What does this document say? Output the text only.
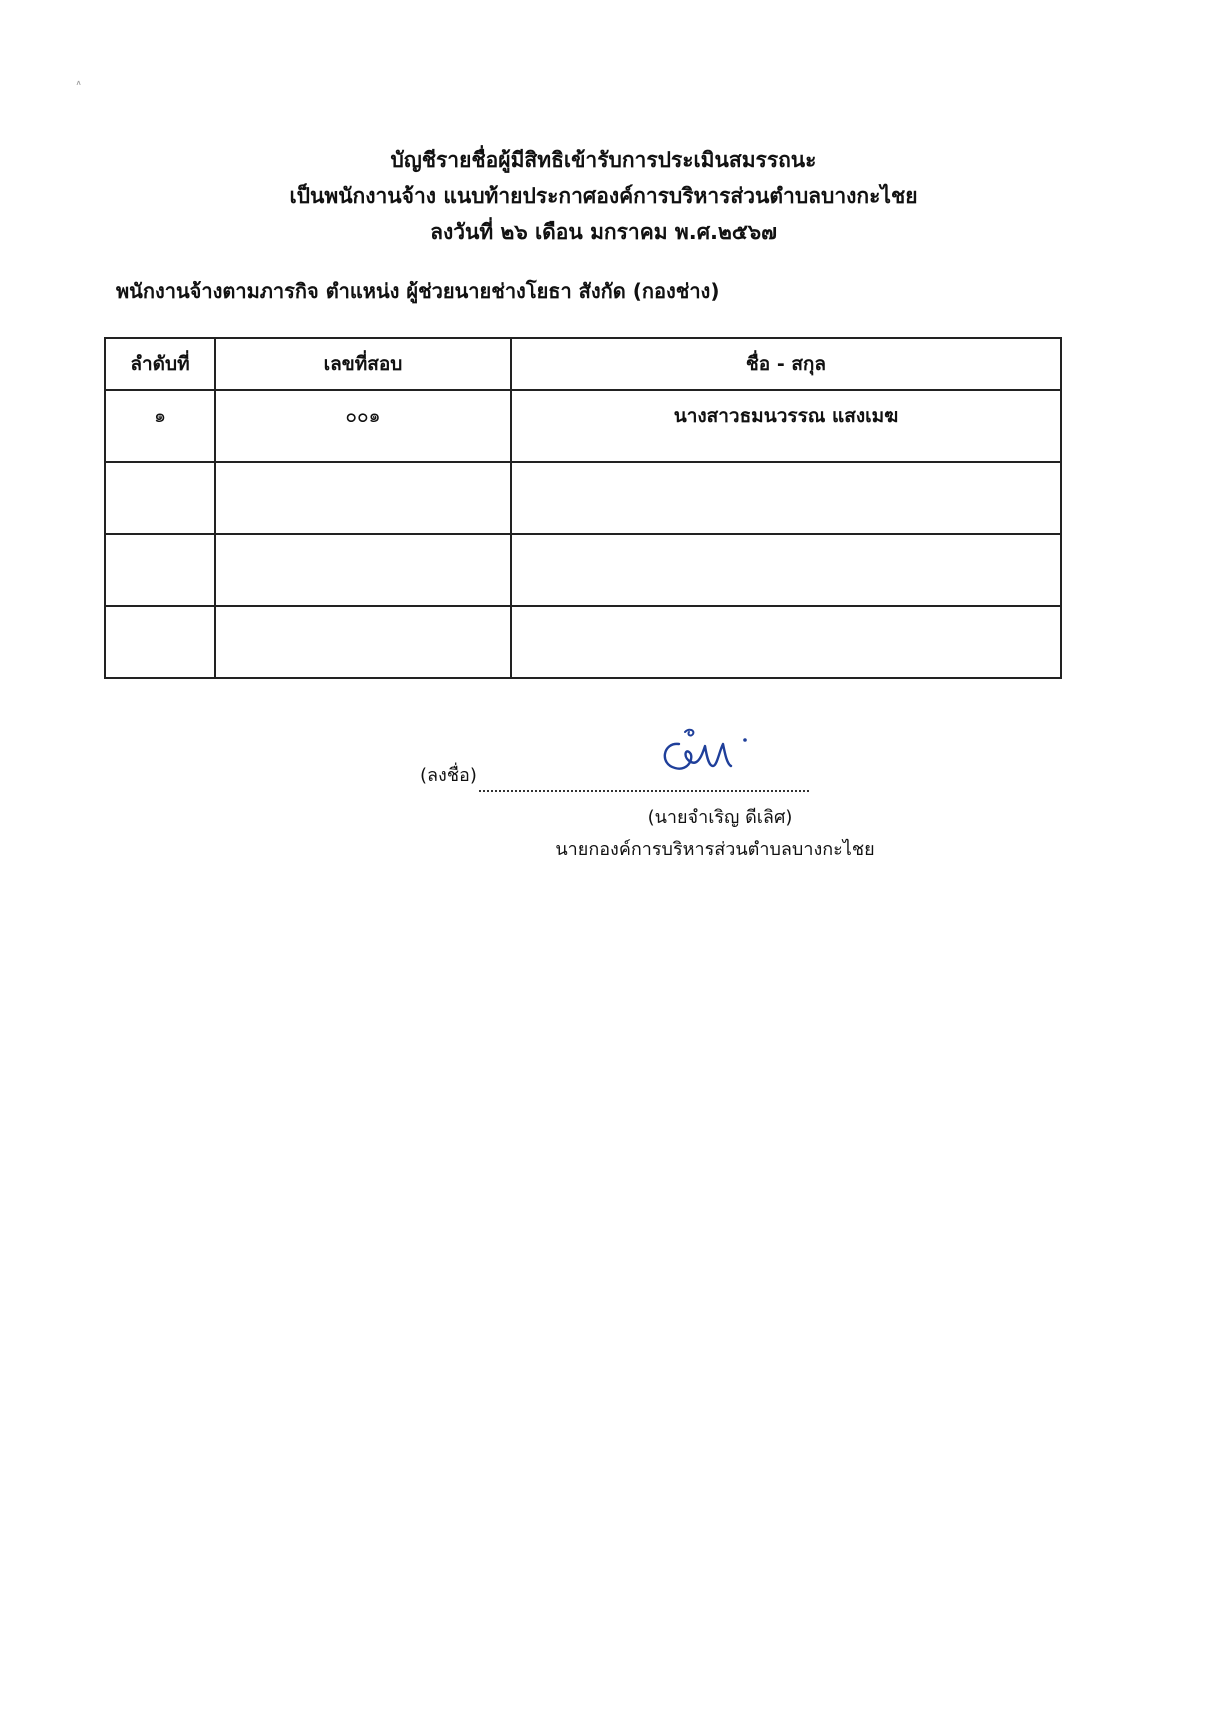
៱
บัญชีรายชื่อผู้มีสิทธิเข้ารับการประเมินสมรรถนะ
เป็นพนักงานจ้าง แนบท้ายประกาศองค์การบริหารส่วนตำบลบางกะไชย
ลงวันที่ ๒๖ เดือน มกราคม พ.ศ.๒๕๖๗
พนักงานจ้างตามภารกิจ ตำแหน่ง ผู้ช่วยนายช่างโยธา สังกัด (กองช่าง)
ลำดับที่	เลขที่สอบ	ชื่อ - สกุล
๑	๐๐๑	นางสาวธมนวรรณ แสงเมฆ

(ลงชื่อ)
(นายจำเริญ ดีเลิศ)
นายกองค์การบริหารส่วนตำบลบางกะไชย
